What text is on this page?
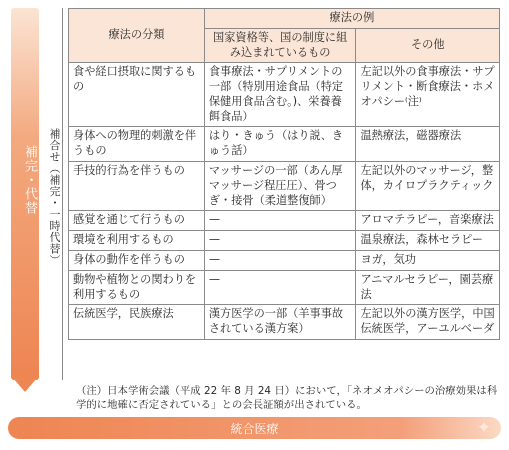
補完・代替	補合せ（補完・一時代替）
療法の分類	療法の例	
	国家資格等、国の制度に組み込まれているもの	その他
食や経口摂取に関するもの	食事療法・サプリメントの一部（特別用途食品（特定保健用食品含む。)、栄養養餌食品）	左記以外の食事療法・サプリメント・断食療法・ホメオパシー⁽注⁾
身体への物理的刺激を伴うもの	はり・きゅう（はり説、きゅう話）	温熱療法，磁器療法
手技的行為を伴うもの	マッサージの一部（あん厚マッサージ程圧圧）、骨つぎ・接骨（柔道整復師）	左記以外のマッサージ，整体，カイロプラクティック
感覚を通じて行うもの	—	アロマテラピー，音楽療法
環境を利用するもの	—	温泉療法，森林セラピー
身体の動作を伴うもの	—	ヨガ，気功
動物や植物との関わりを利用するもの	—	アニマルセラピー，園芸療法
伝統医学，民族療法	漢方医学の一部（羊事事故されている漢方案）	左記以外の漢方医学，中国伝統医学，アーユルベーダ
（注）日本学術会議（平成 22 年 8 月 24 日）において，「ネオメオパシーの治療効果は科学的に地確に否定されている」との会長証額が出されている。
統合医療	✦
